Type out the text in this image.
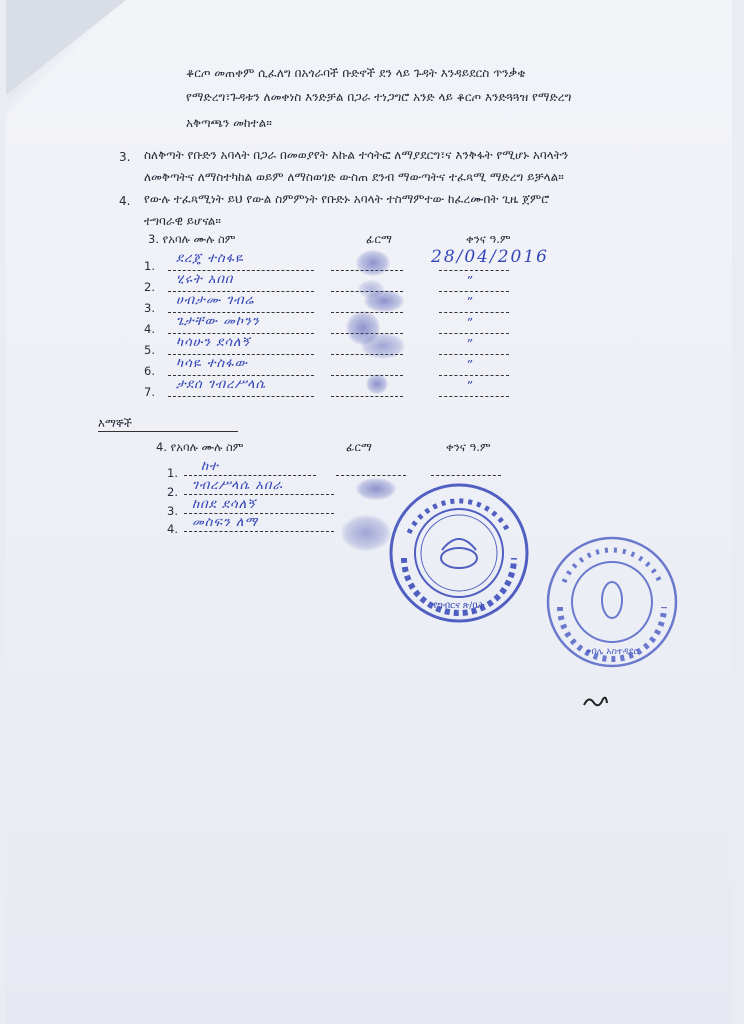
ቆርጦ መጠቀም ሲፈለግ በአጎራባች ቡድኖች ደን ላይ ጉዳት እንዳይደርስ ጥንቃቄ
የማድረግ፣ጉዳቱን ለመቀነስ እንድቻል በጋራ ተነጋግሮ አንድ ላይ ቆርጦ እንድጓጓዝ የማድረግ
አቅጣጫን መከተል።
3. ስለቅጣት የቡድን አባላት በጋራ በመወያየት እኩል ተሳትፎ ለማያደርግ፣ና እንቅፋት የሚሆኑ አባላትን
ለመቅጣትና ለማስተካከል ወይም ለማስወገድ ውስጠ ደንብ ማውጣትና ተፈጻሚ ማድረግ ይቻላል።
4. የውሉ ተፈጻሚነት ይህ የውል ስምምነት የቡድኑ አባላት ተስማምተው ከፈረሙበት ጊዜ ጀምሮ
ተግባራዊ ይሆናል።
3. የአባሉ ሙሉ ስም	ፊርማ	ቀንና ዓ.ም
1. ደረጄ ተስፋዬ	28/04/2016
2. ሂሩት አበበ	”
3. ሀብታሙ ገብሬ	”
4. ጌታቸው መኮንን	”
5. ካሳሁን ደሳለኝ	”
6. ካሳዬ ተስፋው	”
7. ታደሰ ገብረሥላሴ	”
እማኞች
4. የአባሉ ሙሉ ስም	ፊርማ	ቀንና ዓ.ም
1. ከተ
2. ገብረሥላሴ አበራ
3. ከበደ ደሳለኝ
4. መስፍን ለማ
የግብርና ጽ/ቤት
ቀበሌ አስተዳደር
